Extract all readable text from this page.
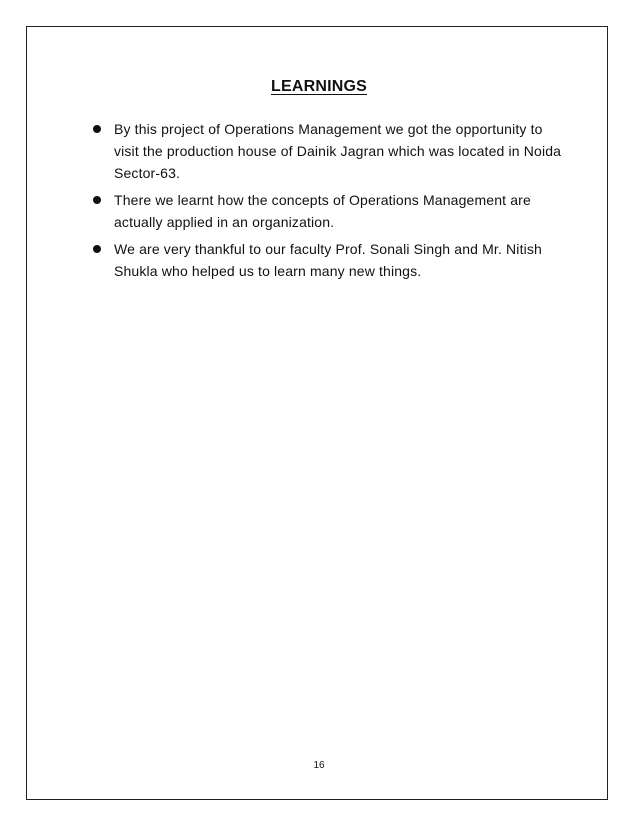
LEARNINGS
By this project of Operations Management we got the opportunity to visit the production house of Dainik Jagran which was located in Noida Sector-63.
There we learnt how the concepts of Operations Management are actually applied in an organization.
We are very thankful to our faculty Prof. Sonali Singh and Mr. Nitish Shukla who helped us to learn many new things.
16
